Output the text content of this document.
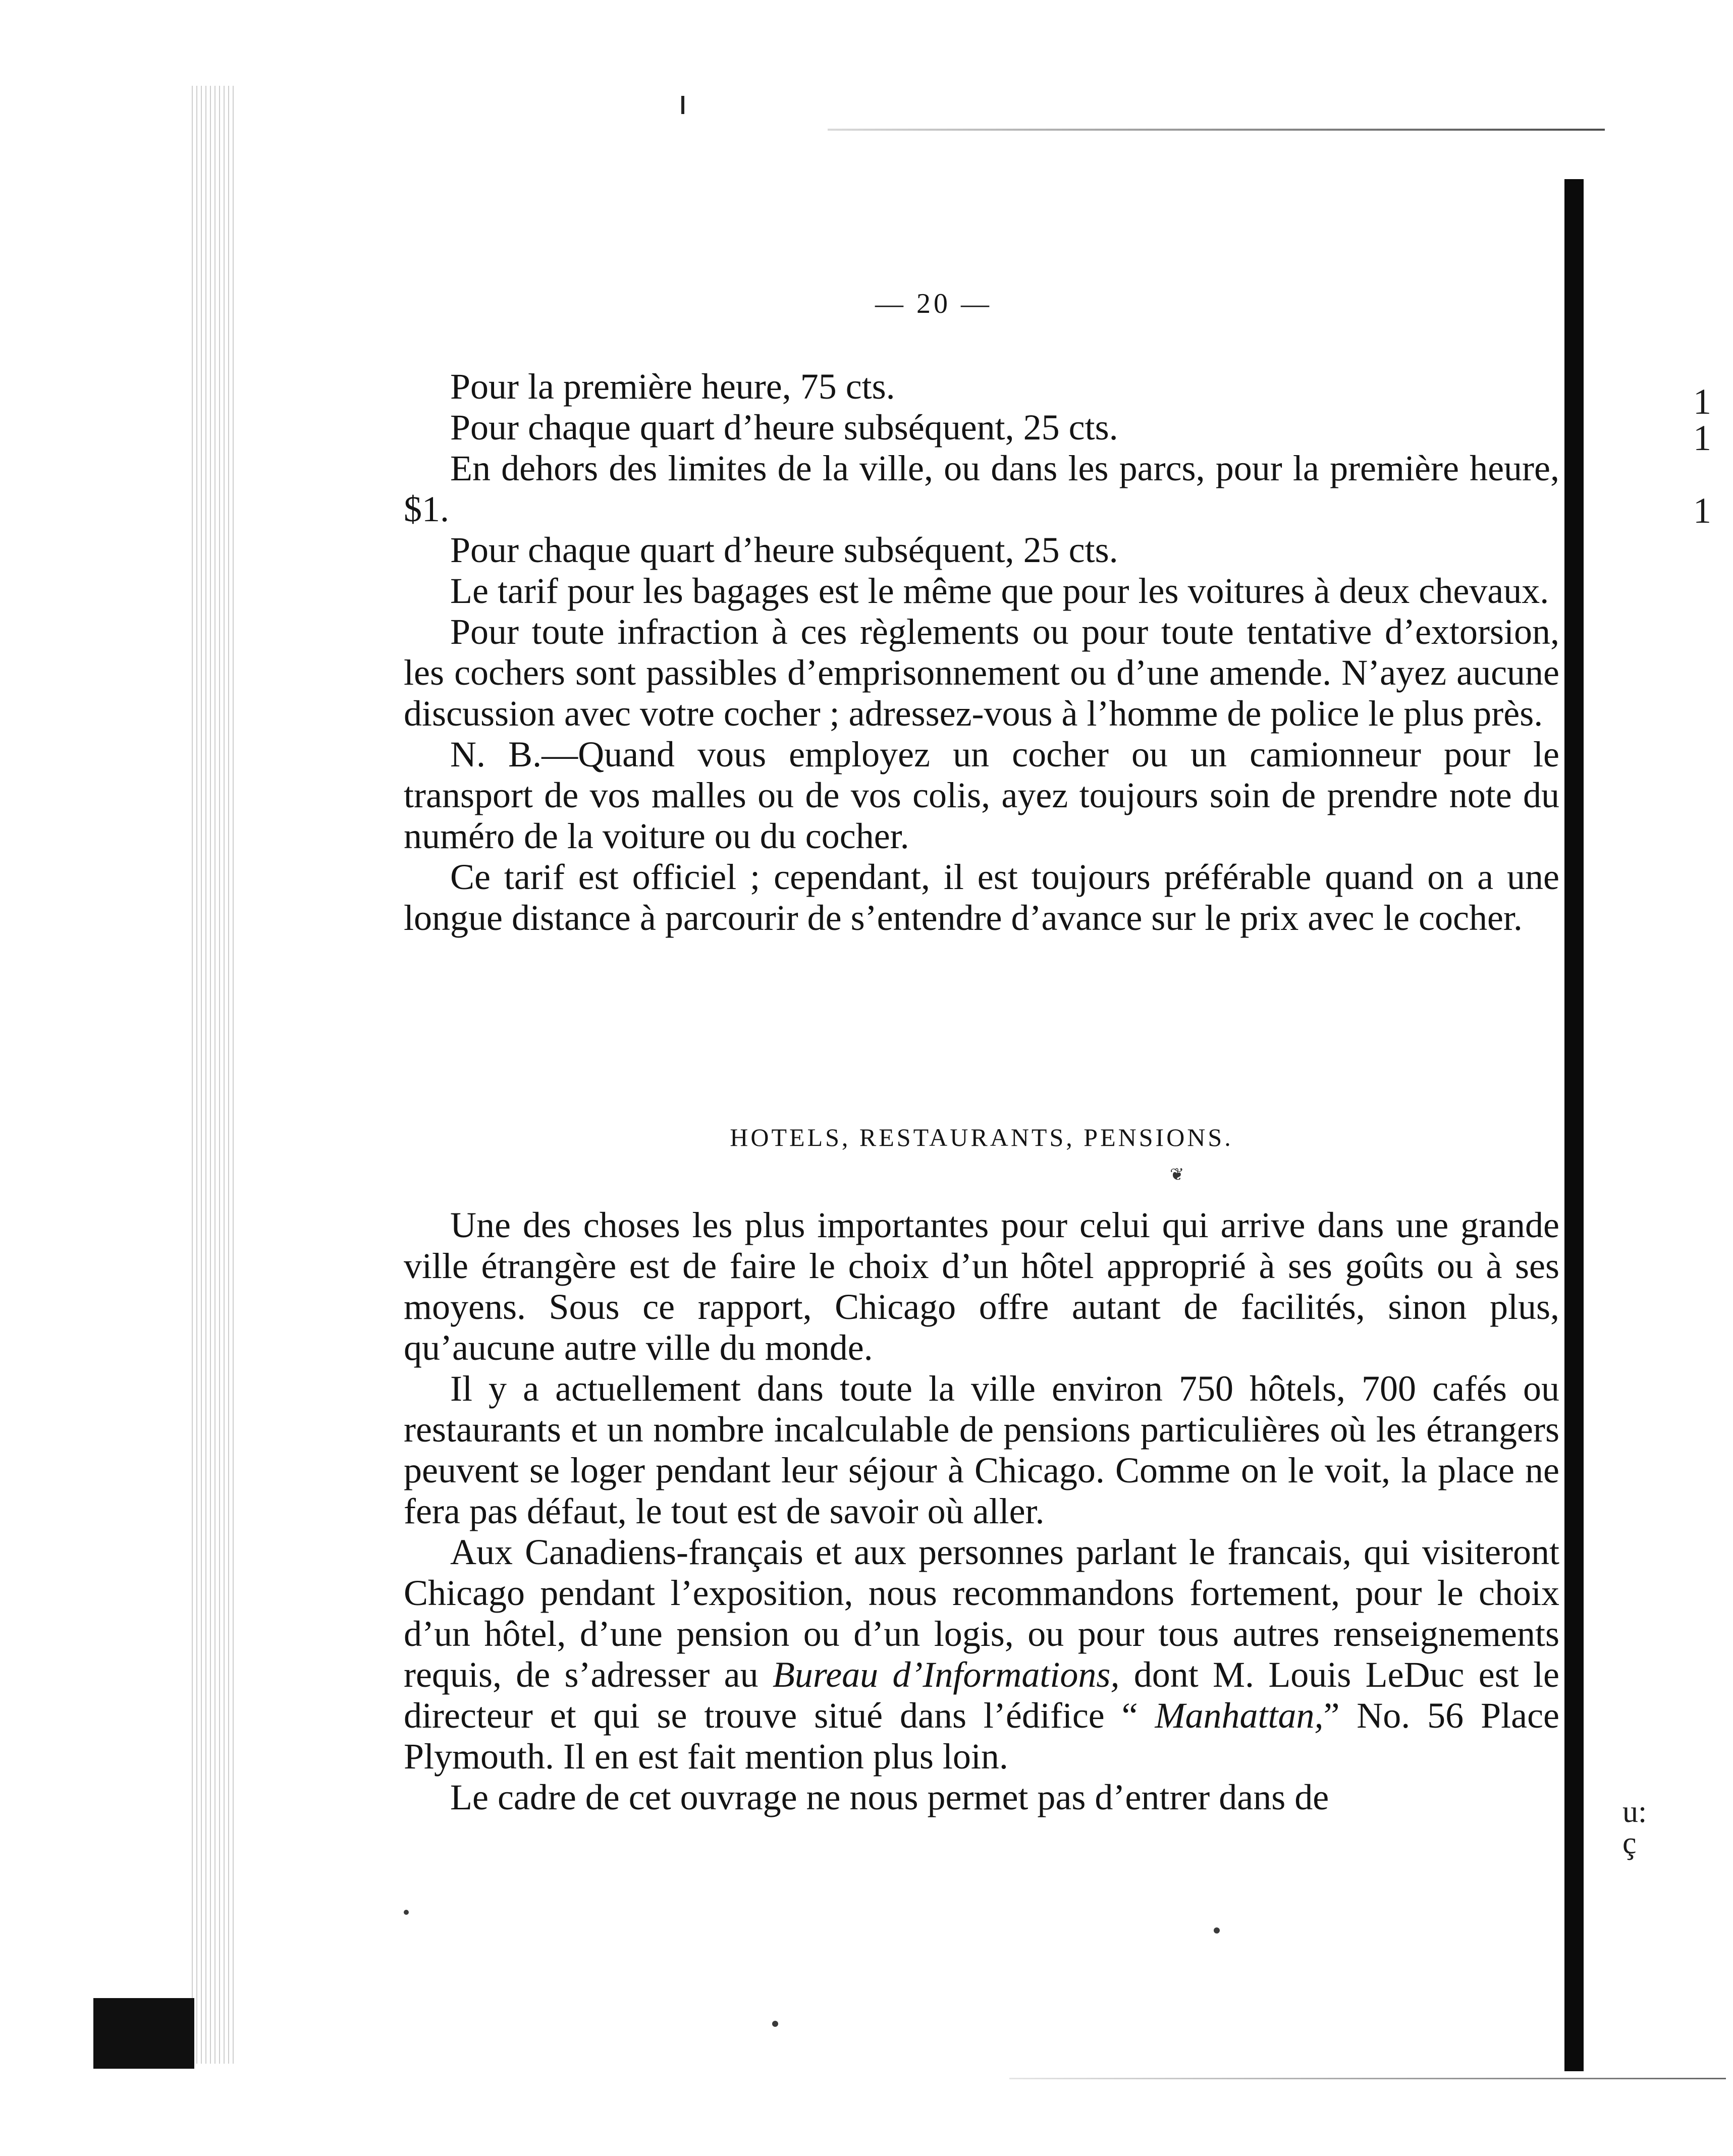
1
1

1
u:
ç
— 20 —

Pour la première heure, 75 cts.

Pour chaque quart d’heure subséquent, 25 cts.

En dehors des limites de la ville, ou dans les parcs, pour la première heure, $1.

Pour chaque quart d’heure subséquent, 25 cts.

Le tarif pour les bagages est le même que pour les voitures à deux chevaux.

Pour toute infraction à ces règlements ou pour toute tentative d’extorsion, les cochers sont passibles d’emprisonnement ou d’une amende. N’ayez aucune discussion avec votre cocher ; adressez-vous à l’homme de police le plus près.

N. B.—Quand vous employez un cocher ou un camionneur pour le transport de vos malles ou de vos colis, ayez toujours soin de prendre note du numéro de la voiture ou du cocher.

Ce tarif est officiel ; cependant, il est toujours préférable quand on a une longue distance à parcourir de s’entendre d’avance sur le prix avec le cocher.

HOTELS, RESTAURANTS, PENSIONS.
❦

Une des choses les plus importantes pour celui qui arrive dans une grande ville étrangère est de faire le choix d’un hôtel approprié à ses goûts ou à ses moyens. Sous ce rapport, Chicago offre autant de facilités, sinon plus, qu’aucune autre ville du monde.

Il y a actuellement dans toute la ville environ 750 hôtels, 700 cafés ou restaurants et un nombre incalculable de pensions particulières où les étrangers peuvent se loger pendant leur séjour à Chicago. Comme on le voit, la place ne fera pas défaut, le tout est de savoir où aller.

Aux Canadiens-français et aux personnes parlant le francais, qui visiteront Chicago pendant l’exposition, nous recommandons fortement, pour le choix d’un hôtel, d’une pension ou d’un logis, ou pour tous autres renseignements requis, de s’adresser au Bureau d’Informations, dont M. Louis LeDuc est le directeur et qui se trouve situé dans l’édifice “ Manhattan,” No. 56 Place Plymouth. Il en est fait mention plus loin.

Le cadre de cet ouvrage ne nous permet pas d’entrer dans de
